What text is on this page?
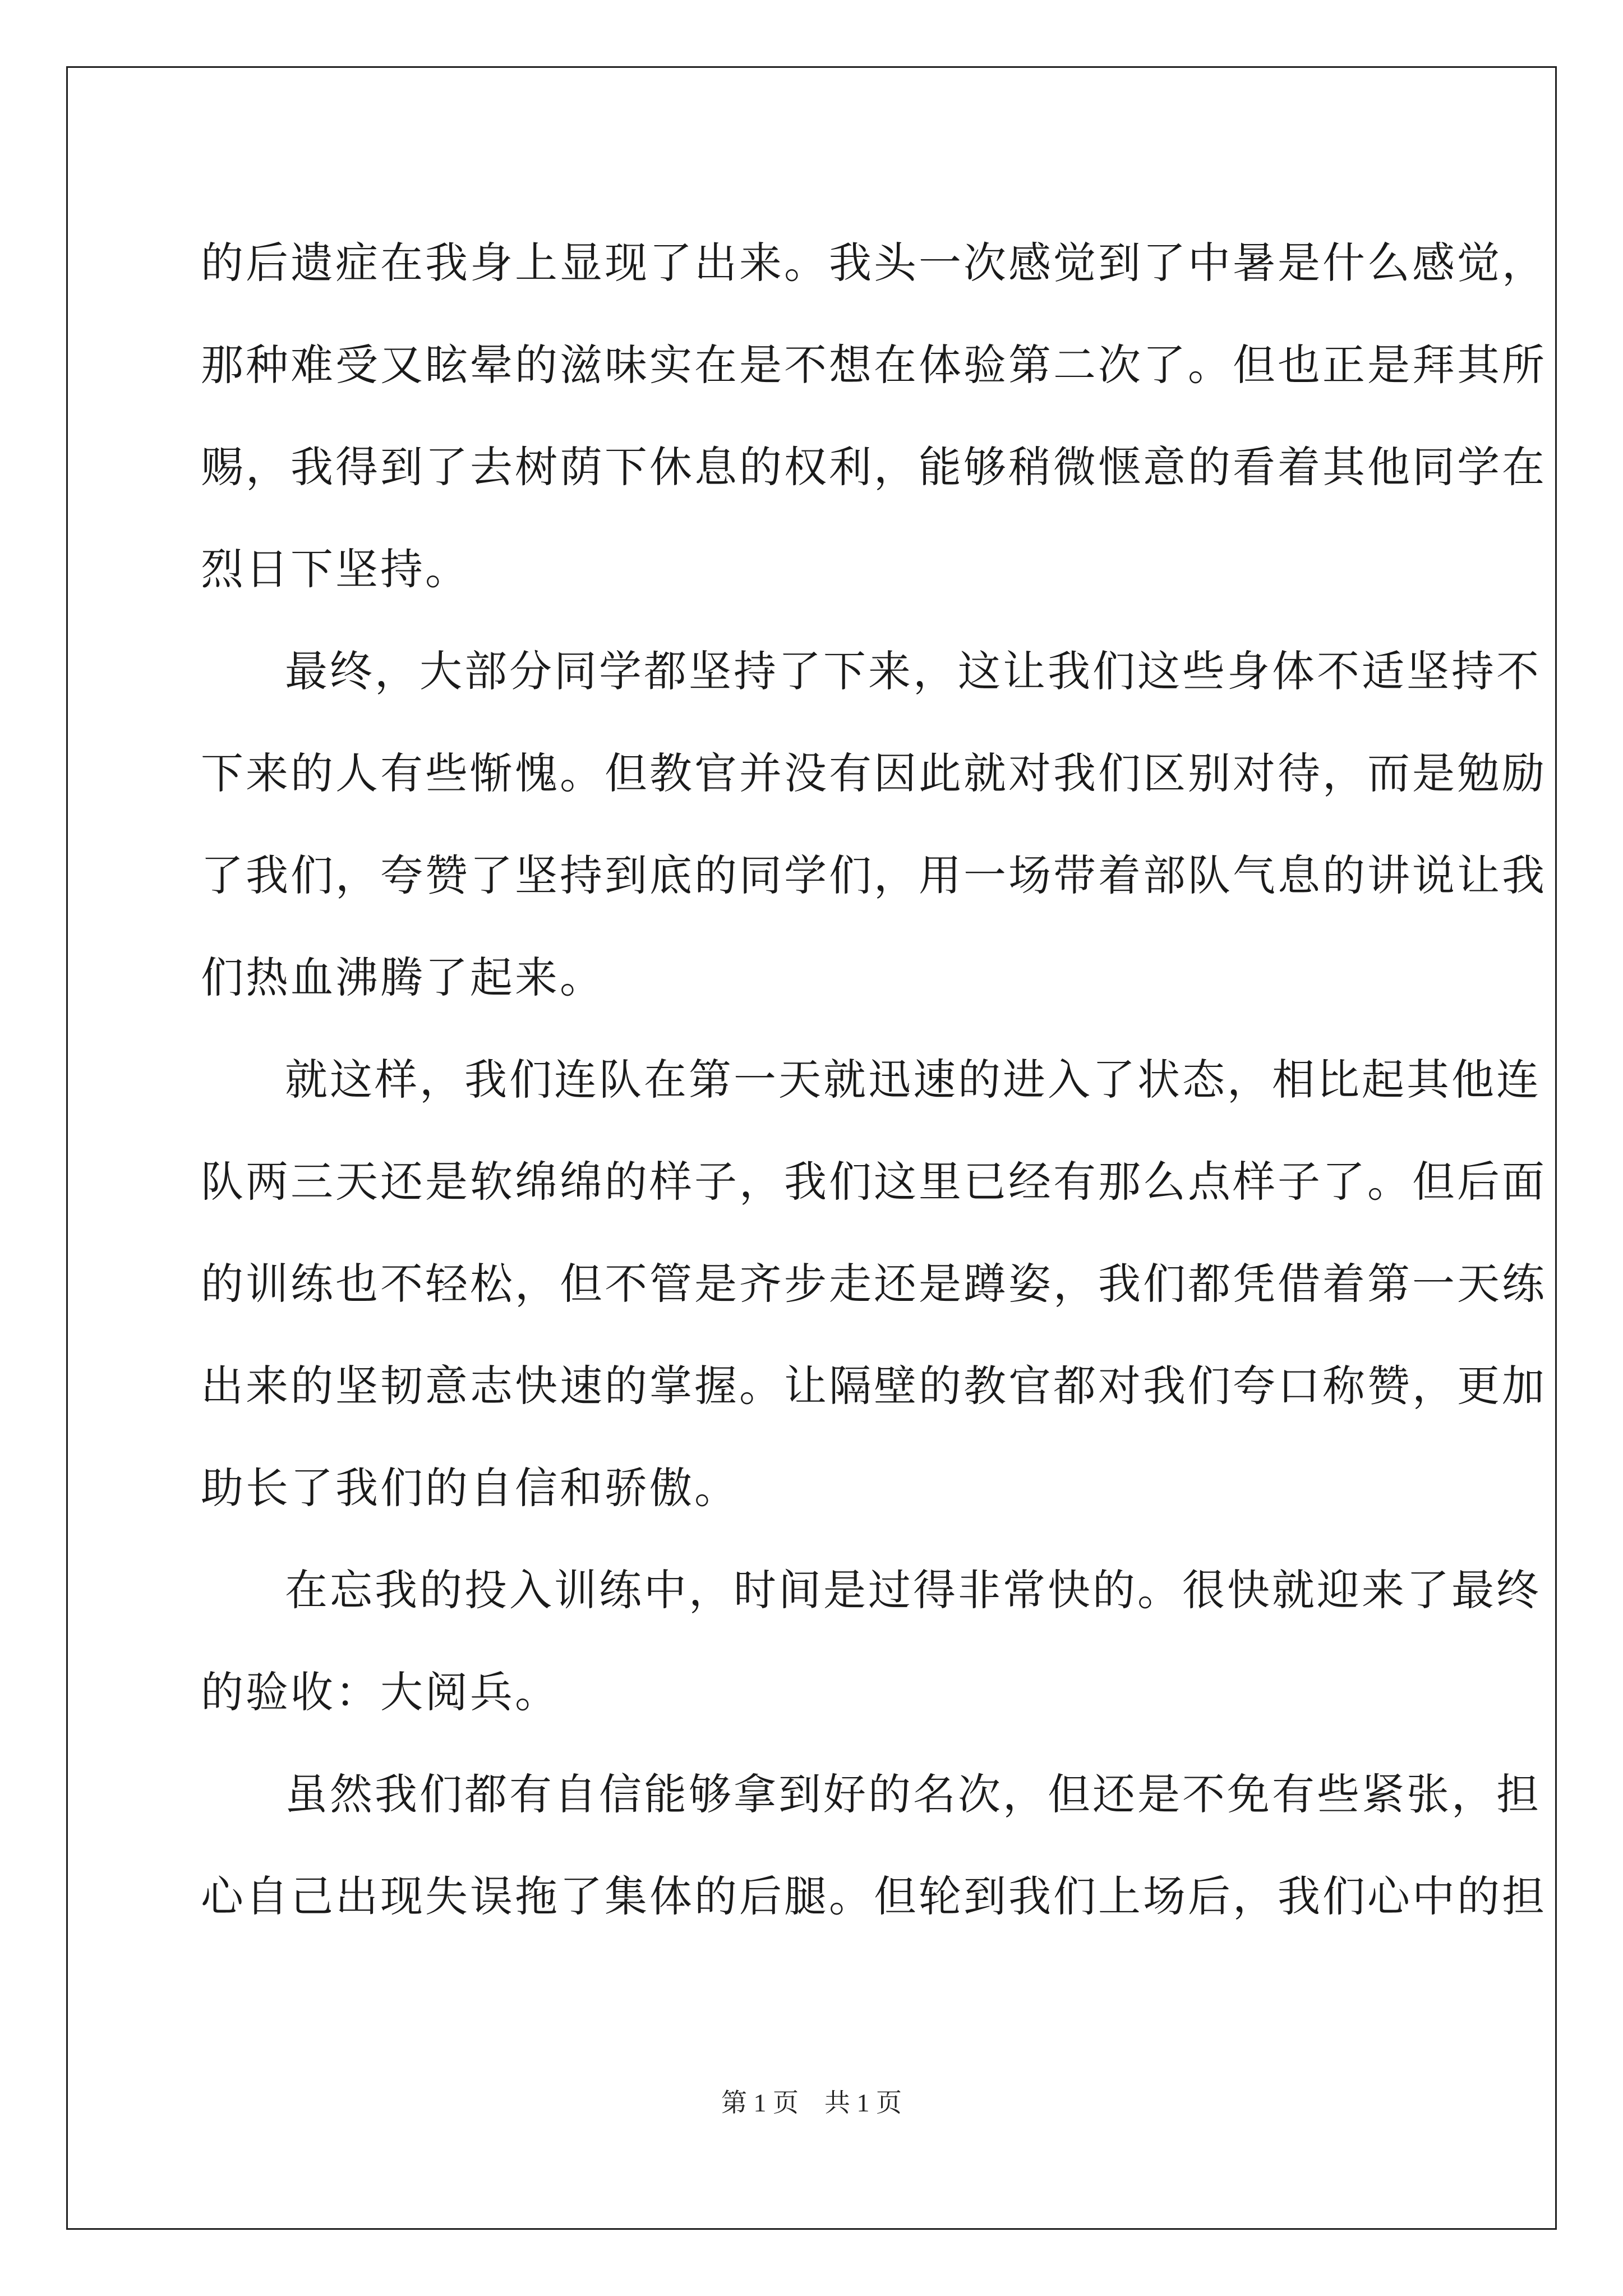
的后遗症在我身上显现了出来。我头一次感觉到了中暑是什么感觉，
那种难受又眩晕的滋味实在是不想在体验第二次了。但也正是拜其所
赐，我得到了去树荫下休息的权利，能够稍微惬意的看着其他同学在
烈日下坚持。
最终，大部分同学都坚持了下来，这让我们这些身体不适坚持不
下来的人有些惭愧。但教官并没有因此就对我们区别对待，而是勉励
了我们，夸赞了坚持到底的同学们，用一场带着部队气息的讲说让我
们热血沸腾了起来。
就这样，我们连队在第一天就迅速的进入了状态，相比起其他连
队两三天还是软绵绵的样子，我们这里已经有那么点样子了。但后面
的训练也不轻松，但不管是齐步走还是蹲姿，我们都凭借着第一天练
出来的坚韧意志快速的掌握。让隔壁的教官都对我们夸口称赞，更加
助长了我们的自信和骄傲。
在忘我的投入训练中，时间是过得非常快的。很快就迎来了最终
的验收：大阅兵。
虽然我们都有自信能够拿到好的名次，但还是不免有些紧张，担
心自己出现失误拖了集体的后腿。但轮到我们上场后，我们心中的担
第 1 页　共 1 页
